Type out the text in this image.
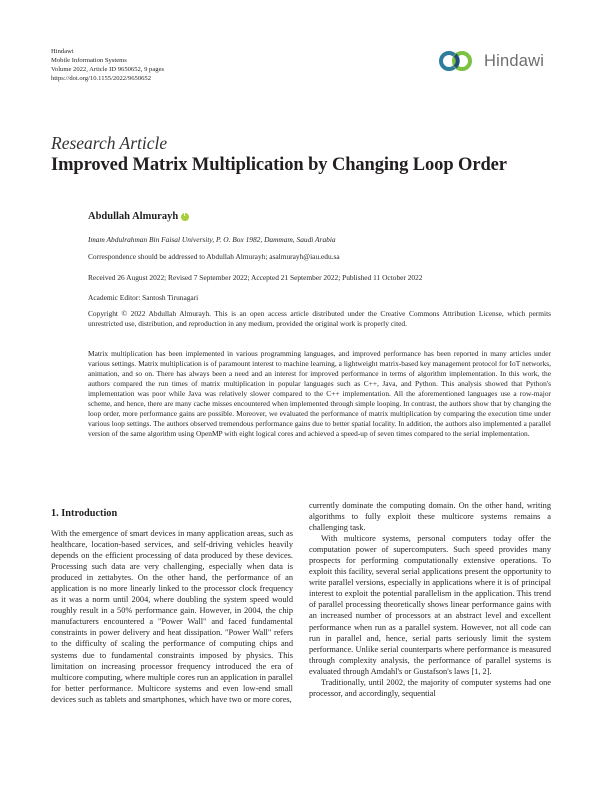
Hindawi
Mobile Information Systems
Volume 2022, Article ID 9650652, 9 pages
https://doi.org/10.1155/2022/9650652
Hindawi
Research Article
Improved Matrix Multiplication by Changing Loop Order
Abdullah Almurayh
i
Imam Abdulrahman Bin Faisal University, P. O. Box 1982, Dammam, Saudi Arabia
Correspondence should be addressed to Abdullah Almurayh; asalmurayh@iau.edu.sa
Received 26 August 2022; Revised 7 September 2022; Accepted 21 September 2022; Published 11 October 2022
Academic Editor: Santosh Tirunagari
Copyright © 2022 Abdullah Almurayh. This is an open access article distributed under the Creative Commons Attribution License, which permits unrestricted use, distribution, and reproduction in any medium, provided the original work is properly cited.

Matrix multiplication has been implemented in various programming languages, and improved performance has been reported in many articles under various settings. Matrix multiplication is of paramount interest to machine learning, a lightweight matrix-based key management protocol for IoT networks, animation, and so on. There has always been a need and an interest for improved performance in terms of algorithm implementation. In this work, the authors compared the run times of matrix multiplication in popular languages such as C++, Java, and Python. This analysis showed that Python's implementation was poor while Java was relatively slower compared to the C++ implementation. All the aforementioned languages use a row-major scheme, and hence, there are many cache misses encountered when implemented through simple looping. In contrast, the authors show that by changing the loop order, more performance gains are possible. Moreover, we evaluated the performance of matrix multiplication by comparing the execution time under various loop settings. The authors observed tremendous performance gains due to better spatial locality. In addition, the authors also implemented a parallel version of the same algorithm using OpenMP with eight logical cores and achieved a speed-up of seven times compared to the serial implementation.

1. Introduction

With the emergence of smart devices in many application areas, such as healthcare, location-based services, and self-driving vehicles heavily depends on the efficient processing of data produced by these devices. Processing such data are very challenging, especially when data is produced in zettabytes. On the other hand, the performance of an application is no more linearly linked to the processor clock frequency as it was a norm until 2004, where doubling the system speed would roughly result in a 50% performance gain. However, in 2004, the chip manufacturers encountered a "Power Wall" and faced fundamental constraints in power delivery and heat dissipation. "Power Wall" refers to the difficulty of scaling the performance of computing chips and systems due to fundamental constraints imposed by physics. This limitation on increasing processor frequency introduced the era of multicore computing, where multiple cores run an application in parallel for better performance. Multicore systems and even low-end small devices such as tablets and smartphones, which have two or more cores,

currently dominate the computing domain. On the other hand, writing algorithms to fully exploit these multicore systems remains a challenging task.

With multicore systems, personal computers today offer the computation power of supercomputers. Such speed provides many prospects for performing computationally extensive operations. To exploit this facility, several serial applications present the opportunity to write parallel versions, especially in applications where it is of principal interest to exploit the potential parallelism in the application. This trend of parallel processing theoretically shows linear performance gains with an increased number of processors at an abstract level and excellent performance when run as a parallel system. However, not all code can run in parallel and, hence, serial parts seriously limit the system performance. Unlike serial counterparts where performance is measured through complexity analysis, the performance of parallel systems is evaluated through Amdahl's or Gustafson's laws [1, 2].

Traditionally, until 2002, the majority of computer systems had one processor, and accordingly, sequential
